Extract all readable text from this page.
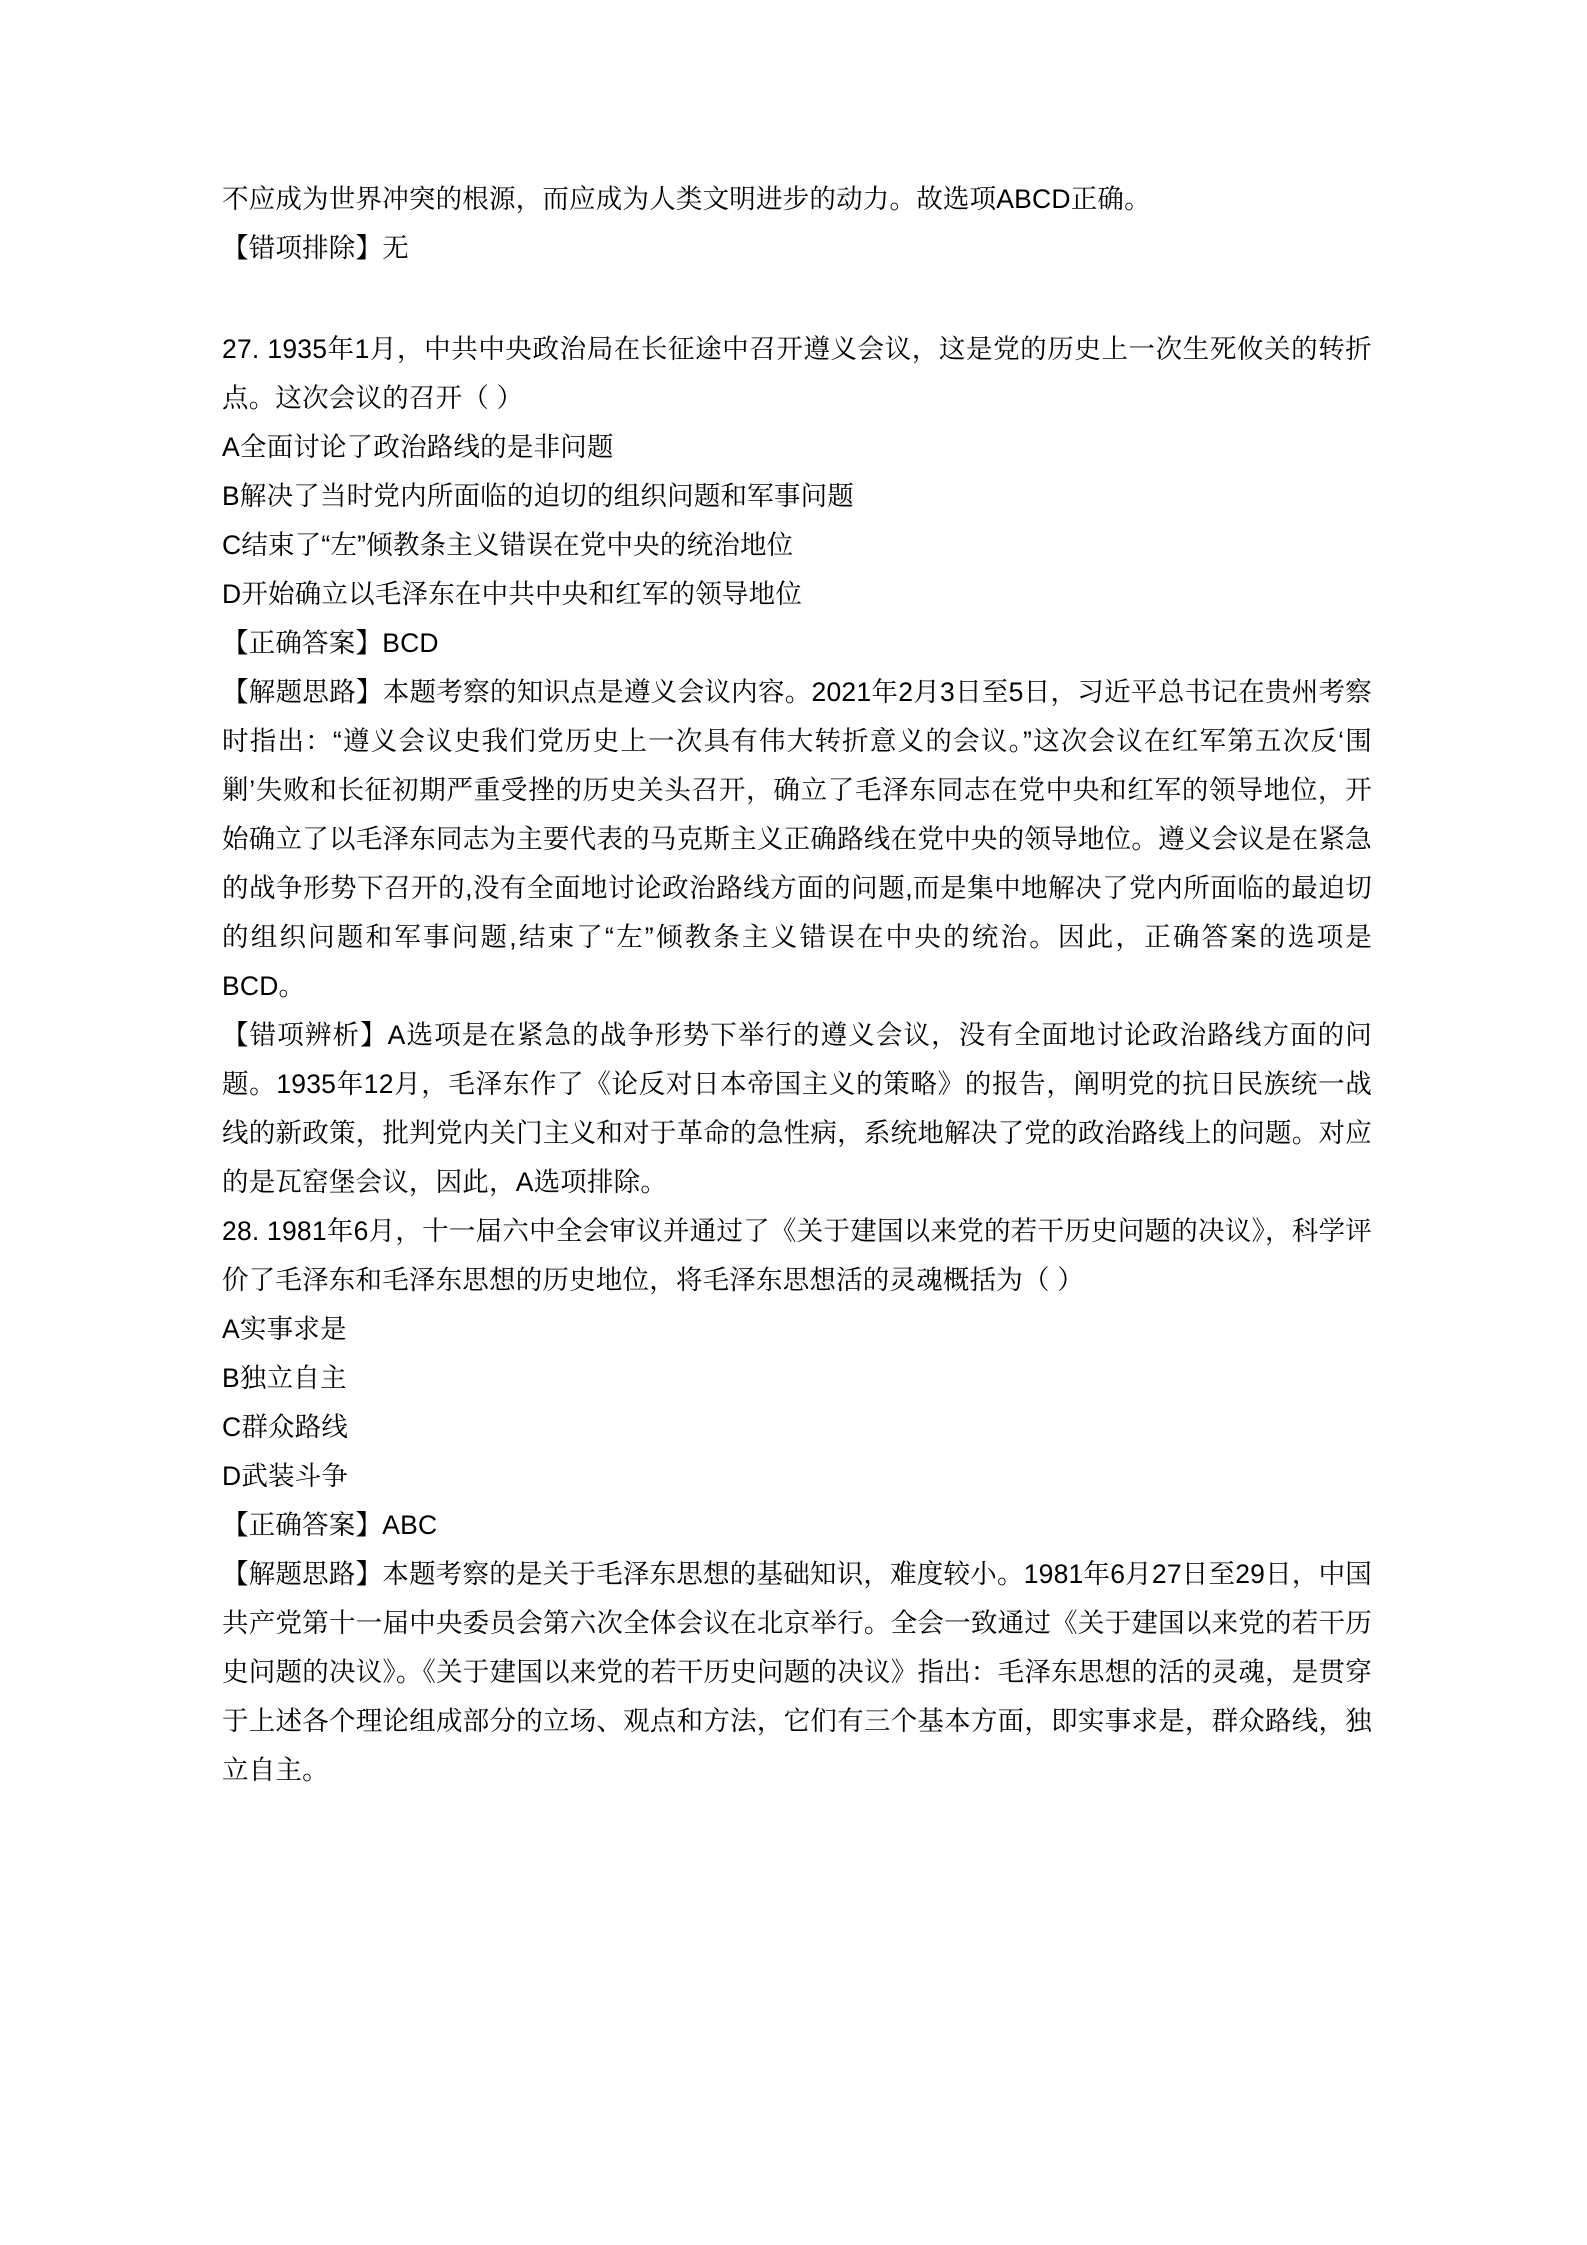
不应成为世界冲突的根源，而应成为人类文明进步的动力。故选项ABCD正确。

【错项排除】无

27. 1935年1月，中共中央政治局在长征途中召开遵义会议，这是党的历史上一次生死攸关的转折点。这次会议的召开（ ）

A全面讨论了政治路线的是非问题

B解决了当时党内所面临的迫切的组织问题和军事问题

C结束了“左”倾教条主义错误在党中央的统治地位

D开始确立以毛泽东在中共中央和红军的领导地位

【正确答案】BCD

【解题思路】本题考察的知识点是遵义会议内容。2021年2月3日至5日，习近平总书记在贵州考察时指出：“遵义会议史我们党历史上一次具有伟大转折意义的会议。”这次会议在红军第五次反‘围剿’失败和长征初期严重受挫的历史关头召开，确立了毛泽东同志在党中央和红军的领导地位，开始确立了以毛泽东同志为主要代表的马克斯主义正确路线在党中央的领导地位。遵义会议是在紧急的战争形势下召开的,没有全面地讨论政治路线方面的问题,而是集中地解决了党内所面临的最迫切的组织问题和军事问题,结束了“左”倾教条主义错误在中央的统治。因此，正确答案的选项是BCD。

【错项辨析】A选项是在紧急的战争形势下举行的遵义会议，没有全面地讨论政治路线方面的问题。1935年12月，毛泽东作了《论反对日本帝国主义的策略》的报告，阐明党的抗日民族统一战线的新政策，批判党内关门主义和对于革命的急性病，系统地解决了党的政治路线上的问题。对应的是瓦窑堡会议，因此，A选项排除。

28. 1981年6月，十一届六中全会审议并通过了《关于建国以来党的若干历史问题的决议》，科学评价了毛泽东和毛泽东思想的历史地位，将毛泽东思想活的灵魂概括为（ ）

A实事求是

B独立自主

C群众路线

D武装斗争

【正确答案】ABC

【解题思路】本题考察的是关于毛泽东思想的基础知识，难度较小。1981年6月27日至29日，中国共产党第十一届中央委员会第六次全体会议在北京举行。全会一致通过《关于建国以来党的若干历史问题的决议》。《关于建国以来党的若干历史问题的决议》指出：毛泽东思想的活的灵魂，是贯穿于上述各个理论组成部分的立场、观点和方法，它们有三个基本方面，即实事求是，群众路线，独立自主。
